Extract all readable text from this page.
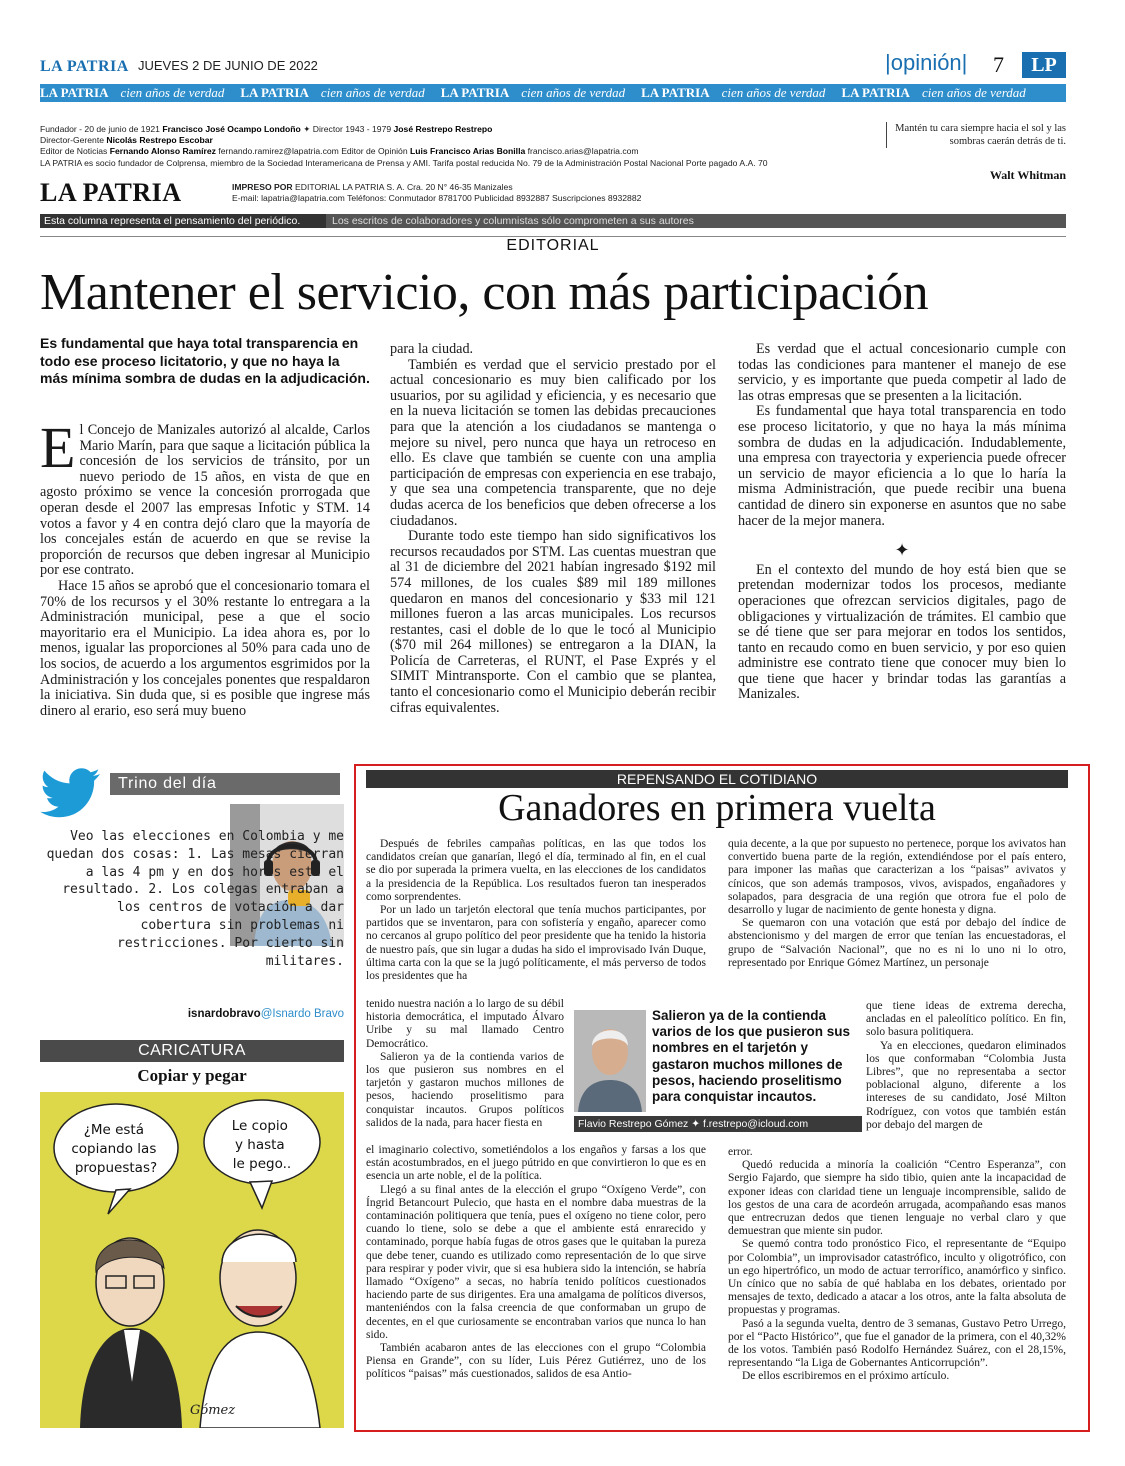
LA PATRIA JUEVES 2 DE JUNIO DE 2022	|opinión| 7	LP
LA PATRIA cien años de verdad LA PATRIA cien años de verdad LA PATRIA cien años de verdad LA PATRIA cien años de verdad LA PATRIA cien años de verdad
Fundador - 20 de junio de 1921 Francisco José Ocampo Londoño ✦ Director 1943 - 1979 José Restrepo Restrepo
Director-Gerente Nicolás Restrepo Escobar
Editor de Noticias Fernando Alonso Ramírez fernando.ramirez@lapatria.com Editor de Opinión Luis Francisco Arias Bonilla francisco.arias@lapatria.com
LA PATRIA es socio fundador de Colprensa, miembro de la Sociedad Interamericana de Prensa y AMI. Tarifa postal reducida No. 79 de la Administración Postal Nacional Porte pagado A.A. 70
Mantén tu cara siempre hacia el sol y las sombras caerán detrás de ti.
Walt Whitman
LA PATRIA	IMPRESO POR EDITORIAL LA PATRIA S. A. Cra. 20 N° 46-35 Manizales
E-mail: lapatria@lapatria.com Teléfonos: Conmutador 8781700 Publicidad 8932887 Suscripciones 8932882
Esta columna representa el pensamiento del periódico.	Los escritos de colaboradores y columnistas sólo comprometen a sus autores
EDITORIAL
Mantener el servicio, con más participación
Es fundamental que haya total transparencia en todo ese proceso licitatorio, y que no haya la más mínima sombra de dudas en la adjudicación.

El Concejo de Manizales autorizó al alcalde, Carlos Mario Marín, para que saque a licitación pública la concesión de los servicios de tránsito, por un nuevo periodo de 15 años, en vista de que en agosto próximo se vence la concesión prorrogada que operan desde el 2007 las empresas Infotic y STM. 14 votos a favor y 4 en contra dejó claro que la mayoría de los concejales están de acuerdo en que se revise la proporción de recursos que deben ingresar al Municipio por ese contrato.

Hace 15 años se aprobó que el concesionario tomara el 70% de los recursos y el 30% restante lo entregara a la Administración municipal, pese a que el socio mayoritario era el Municipio. La idea ahora es, por lo menos, igualar las proporciones al 50% para cada uno de los socios, de acuerdo a los argumentos esgrimidos por la Administración y los concejales ponentes que respaldaron la iniciativa. Sin duda que, si es posible que ingrese más dinero al erario, eso será muy bueno

para la ciudad.

También es verdad que el servicio prestado por el actual concesionario es muy bien calificado por los usuarios, por su agilidad y eficiencia, y es necesario que en la nueva licitación se tomen las debidas precauciones para que la atención a los ciudadanos se mantenga o mejore su nivel, pero nunca que haya un retroceso en ello. Es clave que también se cuente con una amplia participación de empresas con experiencia en ese trabajo, y que sea una competencia transparente, que no deje dudas acerca de los beneficios que deben ofrecerse a los ciudadanos.

Durante todo este tiempo han sido significativos los recursos recaudados por STM. Las cuentas muestran que al 31 de diciembre del 2021 habían ingresado $192 mil 574 millones, de los cuales $89 mil 189 millones quedaron en manos del concesionario y $33 mil 121 millones fueron a las arcas municipales. Los recursos restantes, casi el doble de lo que le tocó al Municipio ($70 mil 264 millones) se entregaron a la DIAN, la Policía de Carreteras, el RUNT, el Pase Exprés y el SIMIT Mintransporte. Con el cambio que se plantea, tanto el concesionario como el Municipio deberán recibir cifras equivalentes.

Es verdad que el actual concesionario cumple con todas las condiciones para mantener el manejo de ese servicio, y es importante que pueda competir al lado de las otras empresas que se presenten a la licitación.

Es fundamental que haya total transparencia en todo ese proceso licitatorio, y que no haya la más mínima sombra de dudas en la adjudicación. Indudablemente, una empresa con trayectoria y experiencia puede ofrecer un servicio de mayor eficiencia a lo que lo haría la misma Administración, que puede recibir una buena cantidad de dinero sin exponerse en asuntos que no sabe hacer de la mejor manera.

✦

En el contexto del mundo de hoy está bien que se pretendan modernizar todos los procesos, mediante operaciones que ofrezcan servicios digitales, pago de obligaciones y virtualización de trámites. El cambio que se dé tiene que ser para mejorar en todos los sentidos, tanto en recaudo como en buen servicio, y por eso quien administre ese contrato tiene que conocer muy bien lo que tiene que hacer y brindar todas las garantías a Manizales.

Trino del día
Veo las elecciones en Colombia y me quedan dos cosas: 1. Las mesas cierran a las 4 pm y en dos horas está el resultado. 2. Los colegas entraban a los centros de votación a dar cobertura sin problemas ni restricciones. Por cierto sin militares.
isnardobravo@Isnardo Bravo
CARICATURA
Copiar y pegar
¿Me está copiando las propuestas?
Le copio y hasta le pego..
Gómez
REPENSANDO EL COTIDIANO
Ganadores en primera vuelta

Después de febriles campañas políticas, en las que todos los candidatos creían que ganarían, llegó el día, terminado al fin, en el cual se dio por superada la primera vuelta, en las elecciones de los candidatos a la presidencia de la República. Los resultados fueron tan inesperados como sorprendentes.

Por un lado un tarjetón electoral que tenía muchos participantes, por partidos que se inventaron, para con sofistería y engaño, aparecer como no cercanos al grupo político del peor presidente que ha tenido la historia de nuestro país, que sin lugar a dudas ha sido el improvisado Iván Duque, última carta con la que se la jugó políticamente, el más perverso de todos los presidentes que ha

tenido nuestra nación a lo largo de su débil historia democrática, el imputado Álvaro Uribe y su mal llamado Centro Democrático.

Salieron ya de la contienda varios de los que pusieron sus nombres en el tarjetón y gastaron muchos millones de pesos, haciendo proselitismo para conquistar incautos. Grupos políticos salidos de la nada, para hacer fiesta en

el imaginario colectivo, sometiéndolos a los engaños y farsas a los que están acostumbrados, en el juego pútrido en que convirtieron lo que es en esencia un arte noble, el de la política.

Llegó a su final antes de la elección el grupo “Oxígeno Verde”, con Íngrid Betancourt Pulecio, que hasta en el nombre daba muestras de la contaminación politiquera que tenía, pues el oxígeno no tiene color, pero cuando lo tiene, solo se debe a que el ambiente está enrarecido y contaminado, porque había fugas de otros gases que le quitaban la pureza que debe tener, cuando es utilizado como representación de lo que sirve para respirar y poder vivir, que si esa hubiera sido la intención, se habría llamado “Oxígeno” a secas, no habría tenido políticos cuestionados haciendo parte de sus dirigentes. Era una amalgama de políticos diversos, manteniéndos con la falsa creencia de que conformaban un grupo de decentes, en el que curiosamente se encontraban varios que nunca lo han sido.

También acabaron antes de las elecciones con el grupo “Colombia Piensa en Grande”, con su líder, Luis Pérez Gutiérrez, uno de los políticos “paisas” más cuestionados, salidos de esa Antio-

quia decente, a la que por supuesto no pertenece, porque los avivatos han convertido buena parte de la región, extendiéndose por el país entero, para imponer las mañas que caracterizan a los “paisas” avivatos y cínicos, que son además tramposos, vivos, avispados, engañadores y solapados, para desgracia de una región que otrora fue el polo de desarrollo y lugar de nacimiento de gente honesta y digna.

Se quemaron con una votación que está por debajo del índice de abstencionismo y del margen de error que tenían las encuestadoras, el grupo de “Salvación Nacional”, que no es ni lo uno ni lo otro, representado por Enrique Gómez Martínez, un personaje

que tiene ideas de extrema derecha, ancladas en el paleolítico político. En fin, solo basura politiquera.

Ya en elecciones, quedaron eliminados los que conformaban “Colombia Justa Libres”, que no representaba a sector poblacional alguno, diferente a los intereses de su candidato, José Milton Rodríguez, con votos que también están por debajo del margen de

error.

Quedó reducida a minoría la coalición “Centro Esperanza”, con Sergio Fajardo, que siempre ha sido tibio, quien ante la incapacidad de exponer ideas con claridad tiene un lenguaje incomprensible, salido de los gestos de una cara de acordeón arrugada, acompañando esas manos que entrecruzan dedos que tienen lenguaje no verbal claro y que demuestran que miente sin pudor.

Se quemó contra todo pronóstico Fico, el representante de “Equipo por Colombia”, un improvisador catastrófico, inculto y oligotrófico, con un ego hipertrófico, un modo de actuar terrorífico, anamórfico y sinfico. Un cínico que no sabía de qué hablaba en los debates, orientado por mensajes de texto, dedicado a atacar a los otros, ante la falta absoluta de propuestas y programas.

Pasó a la segunda vuelta, dentro de 3 semanas, Gustavo Petro Urrego, por el “Pacto Histórico”, que fue el ganador de la primera, con el 40,32% de los votos. También pasó Rodolfo Hernández Suárez, con el 28,15%, representando “la Liga de Gobernantes Anticorrupción”.

De ellos escribiremos en el próximo artículo.

Salieron ya de la contienda varios de los que pusieron sus nombres en el tarjetón y gastaron muchos millones de pesos, haciendo proselitismo para conquistar incautos.
Flavio Restrepo Gómez ✦ f.restrepo@icloud.com
